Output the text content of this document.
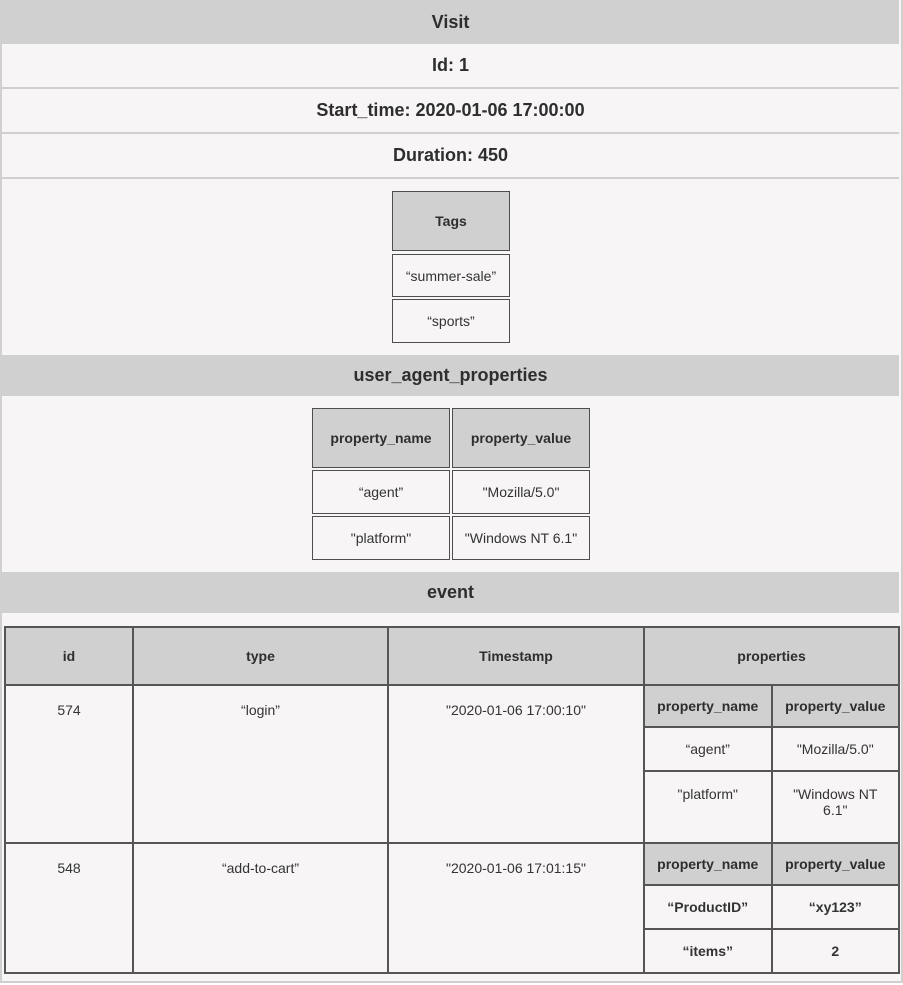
Visit
Id: 1
Start_time: 2020-01-06 17:00:00
Duration: 450
Tags
“summer-sale”
“sports”
user_agent_properties
property_name	property_value
“agent”	"Mozilla/5.0"
"platform"	"Windows NT 6.1"
event
id	type	Timestamp	properties
574	“login”	"2020-01-06 17:00:10"		property_name	property_value
“agent”	"Mozilla/5.0"
"platform"	"Windows NT 6.1"

548	“add-to-cart”	"2020-01-06 17:01:15"		property_name	property_value
“ProductID”	“xy123”
“items”	2
